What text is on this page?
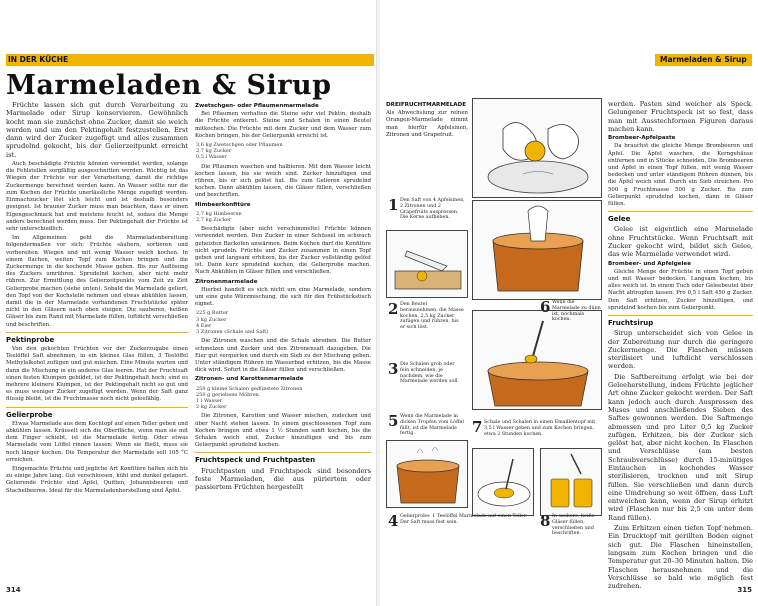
IN DER KÜCHE
Marmeladen & Sirup

Früchte lassen sich gut durch Verarbeitung zu Marmelade oder Sirup konservieren. Gewöhnlich kocht man sie zunächst ohne Zucker, damit sie weich werden und um den Pektingehalt festzustellen. Erst dann wird der Zucker zugefügt und alles zusammen sprudelnd gekocht, bis der Gelierzeitpunkt erreicht ist.

Auch beschädigte Früchte können verwendet werden, solange die Fehlstellen sorgfältig ausgeschnitten werden. Wichtig ist das Wiegen der Früchte vor der Verarbeitung, damit die richtige Zuckermenge berechnet werden kann. An Wasser sollte nur die zum Kochen der Früchte unerlässliche Menge zugefügt werden. Einmachzucker löst sich leicht und ist deshalb besonders geeignet. Ist brauner Zucker muss man beachten, dass er einen Eigengeschmack hat und meistens feucht ist, sodass die Menge anders berechnet werden muss. Der Pektingehalt der Früchte ist sehr unterschiedlich.

Im Allgemeinen geht die Marmeladenbereitung folgendermaßen vor sich: Früchte säubern, sortieren und vorbereiten. Wiegen und mit wenig Wasser weich kochen. In einem flachen, weiten Topf zum Kochen bringen und die Zuckermenge in die kochende Masse geben. Bis zur Auflösung des Zuckers umrühren. Sprudelnd kochen, aber nicht mehr rühren. Zur Ermittlung des Gelierzeitpunkts vom Zeit zu Zeit Gelierprobe machen (siehe unten). Sobald die Marmelade geliert, den Topf von der Kochstelle nehmen und etwas abkühlen lassen, damit die in der Marmelade vorhandenen Fruchtstücke später nicht in den Gläsern nach oben steigen. Die sauberen, heißen Gläser bis zum Rand mit Marmelade füllen, luftdicht verschließen und beschriften.

Pektinprobe

Von den gekochten Früchten vor der Zuckerzugabe einen Teelöffel Saft abnehmen, in ein kleines Glas füllen, 3 Teelöffel Methylalkohol zufügen und gut mischen. Eine Minute warten und dann die Mischung in ein anderes Glas leeren. Hat der Fruchtsaft einen festen Klumpen gebildet, ist der Pektingehalt hoch; sind es mehrere kleinere Klumpen, ist der Pektingehalt nicht so gut und es muss weniger Zucker zugefügt werden. Wenn der Saft ganz flüssig bleibt, ist die Fruchtmasse noch nicht geleefähig.

Gelierprobe

Etwas Marmelade aus dem Kochtopf auf einen Teller geben und abkühlen lassen. Kräuselt sich die Oberfläche, wenn man sie mit dem Finger schiebt, ist die Marmelade fertig. Oder etwas Marmelade vom Löffel rinnen lassen: Wenn sie fließt, muss sie noch länger kochen. Die Temperatur der Marmelade soll 105 °C erreichen.

Eingemachte Früchte und jegliche Art Konfitüre halten sich bis zu einige Jahre lang. Gut verschlossen, kühl und dunkel gelagert. Gelierende Früchte sind Äpfel, Quitten, Johannisbeeren und Stachelbeeren. Ideal für die Marmeladenherstellung sind Äpfel.

Zwetschgen- oder Pflaumenmarmelade

Bei Pflaumen verhalten die Steine sehr viel Pektin, deshalb die Früchte entkernt. Steine und Schalen in einen Beutel mitkochen. Die Früchte mit dem Zucker und dem Wasser zum Kochen bringen, bis der Gelierpunkt erreicht ist.

3,6 kg Zwetschgen oder Pflaumen
2,7 kg Zucker
0,5 l Wasser

Die Pflaumen waschen und halbieren. Mit dem Wasser leicht kochen lassen, bis sie weich sind. Zucker hinzufügen und rühren, bis er sich gelöst hat. Bis zum Gelieren sprudelnd kochen. Dann abkühlen lassen, die Gläser füllen, verschließen und beschriften.

Himbeerkonfitüre
2,7 kg Himbeeren
2,7 kg Zucker

Beschädigte (aber nicht verschimmelte) Früchte können verwendet werden. Den Zucker in einer Schüssel im schwach geheizten Backofen anwärmen. Beim Kochen darf die Konfitüre nicht sprudeln. Früchte und Zucker zusammen in einen Topf geben und langsam erhitzen, bis der Zucker vollständig gelöst ist. Dann kurz sprudelnd kochen, die Gelierprobe machen. Nach Abkühlen in Gläser füllen und verschließen.

Zitronenmarmelade

Hierbei handelt es sich nicht um eine Marmelade, sondern um eine gute Würzmischung, die sich für den Frühstückstisch eignet.

225 g Butter
3 kg Zucker
4 Eier
3 Zitronen (Schale und Saft)

Die Zitronen waschen und die Schale abreiben. Die Butter schmelzen und Zucker und den Zitronensaft dazugeben. Die Eier gut verquirlen und durch ein Sieb zu der Mischung geben. Unter ständigem Rühren im Wasserbad erhitzen, bis die Masse dick wird. Sofort in die Gläser füllen und verschließen.

Zitronen- und Karottenmarmelade
250 g kleine Schalen gedünstete Zitronen
250 g geriebene Möhren
1 l Wasser
2 kg Zucker

Die Zitronen, Karotten und Wasser mischen, zudecken und über Nacht stehen lassen. In einem geschlossenen Topf zum Kochen bringen und etwa 1 ½ Stunden sanft kochen, bis die Schalen weich sind. Zucker hinzufügen und bis zum Gelierpunkt sprudelnd kochen.

Fruchtspeck und Fruchtpasten

Fruchtpasten und Fruchtspeck sind besonders feste Marmeladen, die aus püriertem oder passiertem Früchten hergestellt

314
Marmeladen & Sirup
DREIFRUCHTMARMELADE

Als Abwechslung zur reinen Orangen-Marmelade nimmt man hierfür Apfelsinen, Zitronen und Grapefruit.

1 Den Saft von 4 Apfelsinen, 2 Zitronen und 2 Grapefruits auspressen. Die Kerne aufheben.
2 Den Beutel herausnehmen, die Masse kochen, 2,5 kg Zucker zufügen und rühren, bis er sich löst.
3 Die Schalen grob oder fein schneiden, je nachdem, wie die Marmelade werden soll.
5 Wenn die Marmelade in dicken Tropfen vom Löffel fällt, ist die Marmelade fertig.	7 Schale und Schalen in einen Emaillentopf mit 3,5 l Wasser geben und zum Kochen bringen, etwa 2 Stunden kochen.
4 Gelierprobe: 1 Teelöffel Marmelade auf einen Teller. Der Saft muss fest sein.	8 In saubere, heiße Gläser füllen, verschließen und beschriften.
6 Wenn die Marmelade zu dünn ist, nochmals kochen.

werden. Pasten sind weicher als Speck. Gelungener Fruchtspeck ist so fest, dass man mit Ausstechformen Figuren daraus machen kann.

Brombeer-Apfelpaste

Da brauchst die gleiche Menge Brombeeren und Äpfel. Die Äpfel waschen, die Kerngehäuse entfernen und in Stücke schneiden. Die Brombeeren und Äpfel in einen Topf füllen, mit wenig Wasser bedecken und unter ständigem Rühren dünnen, bis die Äpfel weich sind. Durch ein Sieb streichen. Pro 500 g Fruchtmasse 500 g Zucker. Bis zum Gelierpunkt sprudelnd kochen, dann in Gläser füllen.

Gelee

Gelee ist eigentlich eine Marmelade ohne Fruchtstücke. Wenn Fruchtsaft mit Zucker gekocht wird, bildet sich Gelee, das wie Marmelade verwendet wird.

Brombeer- und Apfelgelee

Gleiche Menge der Früchte in einen Topf geben und mit Wasser bedecken. Langsam kochen, bis alles weich ist. In einem Tuch oder Geleebeutel über Nacht abtropfen lassen. Pro 0,5 l Saft 450 g Zucker. Den Saft erhitzen, Zucker hinzufügen, und sprudelnd kochen bis zum Gelierpunkt.

Fruchtsirup

Sirup unterscheidet sich von Gelee in der Zubereitung nur durch die geringere Zuckermenge. Die Flaschen müssen sterilisiert und luftdicht verschlossen werden.

Die Saftbereitung erfolgt wie bei der Geleeherstellung, indem Früchte jeglicher Art ohne Zucker gekocht werden. Der Saft kann jedoch auch durch Auspressen des Muses und anschließendes Sieben des Saftes gewonnen werden. Die Saftmenge abmessen und pro Liter 0,5 kg Zucker zufügen. Erhitzen, bis der Zucker sich gelöst hat, aber nicht kochen. In Flaschen und Verschlüsse (am besten Schraubverschlüsse) durch 15-minütiges Eintauchen in kochendes Wasser sterilisieren, trocknen und mit Sirup füllen. Sie verschließen und dann durch eine Umdrehung so weit öffnen, dass Luft entweichen kann, wenn der Sirup erhitzt wird (Flaschen nur bis 2,5 cm unter dem Rand füllen).

Zum Erhitzen einen tiefen Topf nehmen. Ein Drucktopf mit gerillten Boden eignet sich gut. Die Flaschen hineinstellen, langsam zum Kochen bringen und die Temperatur gut 20–30 Minuten halten. Die Flaschen herausnehmen und die Verschlüsse so bald wie möglich fest zudrehen.	315
